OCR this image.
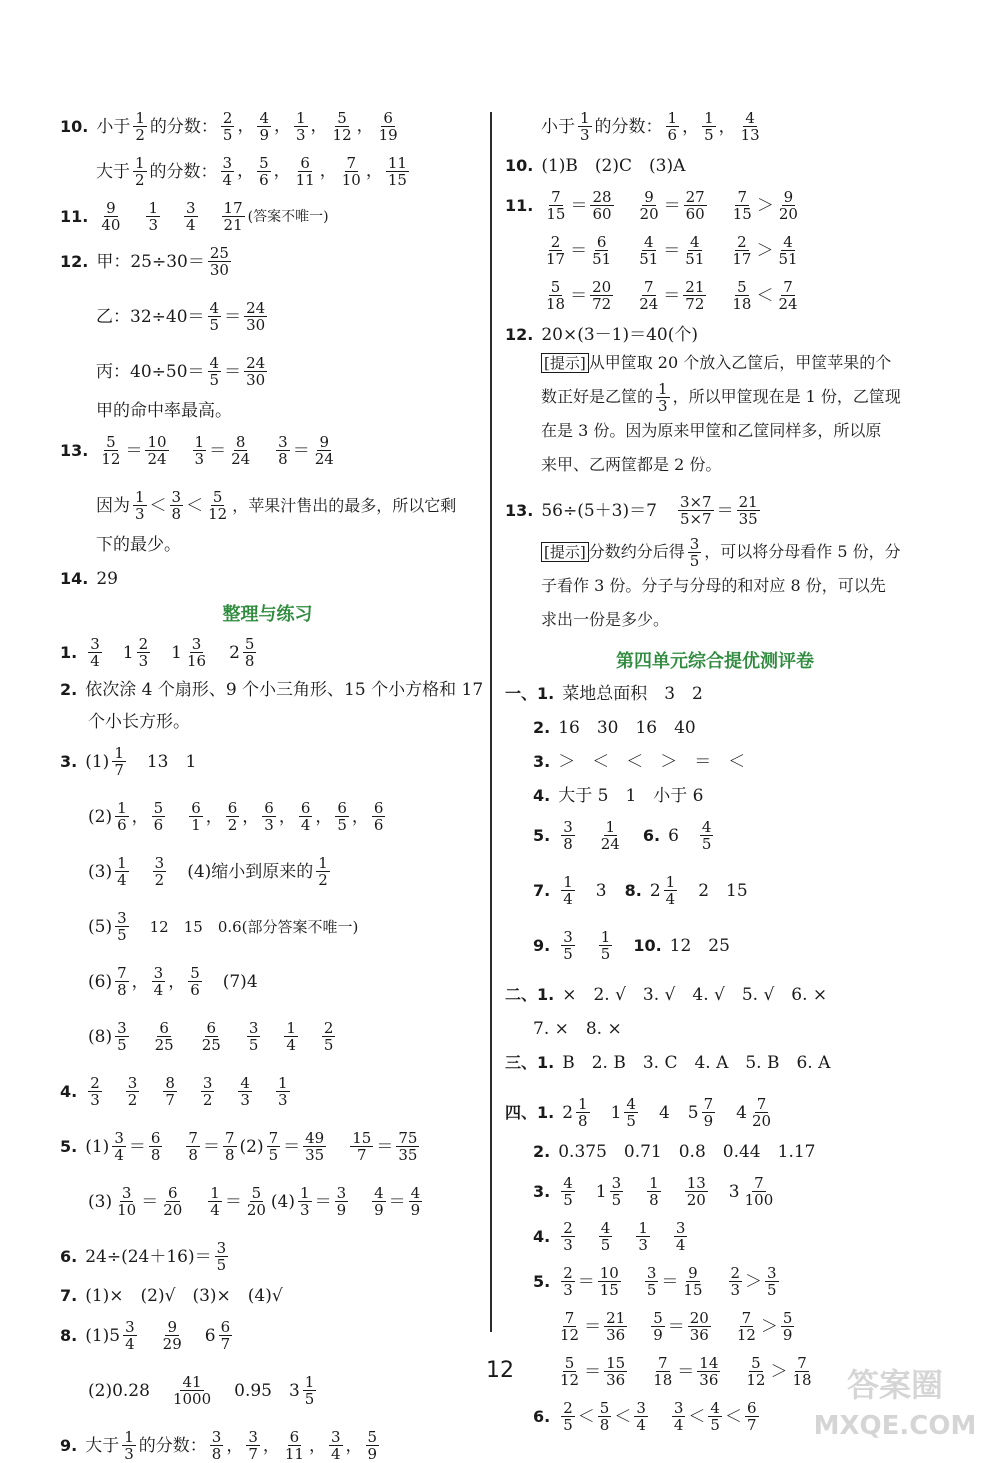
10. 小于 $\frac{1}{2}$ 的分数： $\frac{2}{5}$ ， $\frac{4}{9}$ ， $\frac{1}{3}$ ， $\frac{5}{12}$ ， $\frac{6}{19}$
大于 $\frac{1}{2}$ 的分数： $\frac{3}{4}$ ， $\frac{5}{6}$ ， $\frac{6}{11}$ ， $\frac{7}{10}$ ， $\frac{11}{15}$
11. $\frac{9}{40} \frac{1}{3} \frac{3}{4} \frac{17}{21}$ (答案不唯一)
12. 甲：$25\div 30= \frac{25}{30}$
乙：$32\div 40= \frac{4}{5} = \frac{24}{30}$
丙：$40\div 50= \frac{4}{5} = \frac{24}{30}$
甲的命中率最高。
13. $\frac{5}{12} = \frac{10}{24} \frac{1}{3} = \frac{8}{24} \frac{3}{8} = \frac{9}{24}$
因为 $\frac{1}{3} < \frac{3}{8} < \frac{5}{12}$ ，苹果汁售出的最多，所以它剩
下的最少。
14. 29
整理与练习
1. $\frac{3}{4} 1 \frac{2}{3} 1 \frac{3}{16} 2 \frac{5}{8}$
2. 依次涂 4 个扇形、9 个小三角形、15 个小方格和 17
个小长方形。
3. $(1) \frac{1}{7} 13$　1
$(2) \frac{1}{6}$ ， $\frac{5}{6} \frac{6}{1}$ ， $\frac{6}{2}$ ， $\frac{6}{3}$ ， $\frac{6}{4}$ ， $\frac{6}{5}$ ， $\frac{6}{6}$
$(3) \frac{1}{4} \frac{3}{2} (4)$缩小到原来的 $\frac{1}{2}$
$(5) \frac{3}{5} 12$　15　0.6(部分答案不唯一)
$(6) \frac{7}{8}$ ， $\frac{3}{4}$ ， $\frac{5}{6} (7)4$
$(8) \frac{3}{5} \frac{6}{25} \frac{6}{25} \frac{3}{5} \frac{1}{4} \frac{2}{5}$
4. $\frac{2}{3} \frac{3}{2} \frac{8}{7} \frac{3}{2} \frac{4}{3} \frac{1}{3}$
5. $(1) \frac{3}{4} = \frac{6}{8} \frac{7}{8} = \frac{7}{8} (2) \frac{7}{5} = \frac{49}{35} \frac{15}{7} = \frac{75}{35}$
$(3) \frac{3}{10} = \frac{6}{20} \frac{1}{4} = \frac{5}{20} (4) \frac{1}{3} = \frac{3}{9} \frac{4}{9} = \frac{4}{9}$
6. $24\div(24+16)= \frac{3}{5}$
7. (1)×　(2)√　(3)×　(4)√
8. $(1)5 \frac{3}{4} \frac{9}{29} 6 \frac{6}{7}$
$(2)0.28 \frac{41}{1000} 0.95$　$3 \frac{1}{5}$
9. 大于 $\frac{1}{3}$ 的分数： $\frac{3}{8}$ ， $\frac{3}{7}$ ， $\frac{6}{11}$ ， $\frac{3}{4}$ ， $\frac{5}{9}$
小于 $\frac{1}{3}$ 的分数： $\frac{1}{6}$ ， $\frac{1}{5}$ ， $\frac{4}{13}$
10. (1)B　(2)C　(3)A
11. $\frac{7}{15} = \frac{28}{60} \frac{9}{20} = \frac{27}{60} \frac{7}{15} > \frac{9}{20}$
$\frac{2}{17} = \frac{6}{51} \frac{4}{51} = \frac{4}{51} \frac{2}{17} > \frac{4}{51}$
$\frac{5}{18} = \frac{20}{72} \frac{7}{24} = \frac{21}{72} \frac{5}{18} < \frac{7}{24}$
12. 20×(3－1)＝40(个)
[提示] 从甲筐取 20 个放入乙筐后，甲筐苹果的个
数正好是乙筐的 $\frac{1}{3}$ ，所以甲筐现在是 1 份，乙筐现
在是 3 份。因为原来甲筐和乙筐同样多，所以原
来甲、乙两筐都是 2 份。
13. $56\div(5+3)=7 \frac{3\times 7}{5\times 7} = \frac{21}{35}$
[提示] 分数约分后得 $\frac{3}{5}$ ，可以将分母看作 5 份，分
子看作 3 份。分子与分母的和对应 8 份，可以先
求出一份是多少。
第四单元综合提优测评卷
一、1. 菜地总面积　3　2
2. 16　30　16　40
3. ＞　＜　＜　＞　＝　＜
4. 大于 5　1　小于 6
5. $\frac{3}{8} \frac{1}{24} 6$. $6 \frac{4}{5}$
7. $\frac{1}{4} 3$ 8. $2 \frac{1}{4} 2$　15
9. $\frac{3}{5} \frac{1}{5} 10$. 12　25
二、1. ×　2. √　3. √　4. √　5. √　6. ×
7. ×　8. ×
三、1. B　2. B　3. C　4. A　5. B　6. A
四、1. $2 \frac{1}{8} 1 \frac{4}{5} 4$
$5 \frac{7}{9} 4 \frac{7}{20}$
2. 0.375　0.71　0.8　0.44　1.17
3. $\frac{4}{5} 1 \frac{3}{5} \frac{1}{8} \frac{13}{20} 3 \frac{7}{100}$
4. $\frac{2}{3} \frac{4}{5} \frac{1}{3} \frac{3}{4}$
5. $\frac{2}{3} = \frac{10}{15} \frac{3}{5} = \frac{9}{15} \frac{2}{3} > \frac{3}{5}$
$\frac{7}{12} = \frac{21}{36} \frac{5}{9} = \frac{20}{36} \frac{7}{12} > \frac{5}{9}$
$\frac{5}{12} = \frac{15}{36} \frac{7}{18} = \frac{14}{36} \frac{5}{12} > \frac{7}{18}$
6. $\frac{2}{5} < \frac{5}{8} < \frac{3}{4} \frac{3}{4} < \frac{4}{5} < \frac{6}{7}$
12	答案圈
MXQE.COM
